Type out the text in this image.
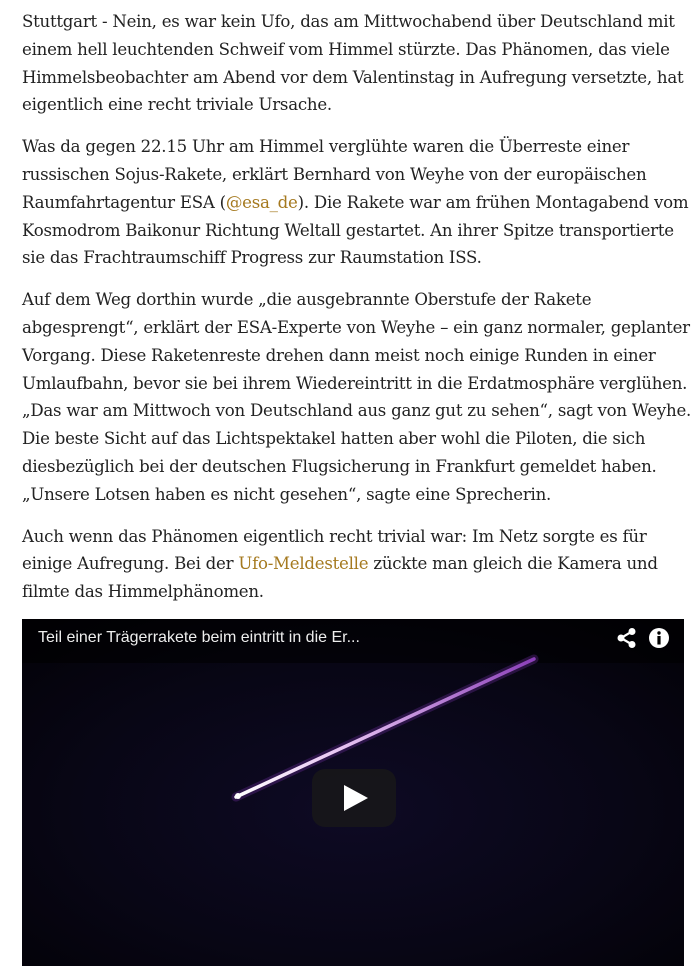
Stuttgart - Nein, es war kein Ufo, das am Mittwochabend über Deutschland mit einem hell leuchtenden Schweif vom Himmel stürzte. Das Phänomen, das viele Himmelsbeobachter am Abend vor dem Valentinstag in Aufregung versetzte, hat eigentlich eine recht triviale Ursache.

Was da gegen 22.15 Uhr am Himmel verglühte waren die Überreste einer russischen Sojus-Rakete, erklärt Bernhard von Weyhe von der europäischen Raumfahrtagentur ESA (@esa_de). Die Rakete war am frühen Montagabend vom Kosmodrom Baikonur Richtung Weltall gestartet. An ihrer Spitze transportierte sie das Frachtraumschiff Progress zur Raumstation ISS.

Auf dem Weg dorthin wurde „die ausgebrannte Oberstufe der Rakete abgesprengt“, erklärt der ESA-Experte von Weyhe – ein ganz normaler, geplanter Vorgang. Diese Raketenreste drehen dann meist noch einige Runden in einer Umlaufbahn, bevor sie bei ihrem Wiedereintritt in die Erdatmosphäre verglühen. „Das war am Mittwoch von Deutschland aus ganz gut zu sehen“, sagt von Weyhe. Die beste Sicht auf das Lichtspektakel hatten aber wohl die Piloten, die sich diesbezüglich bei der deutschen Flugsicherung in Frankfurt gemeldet haben. „Unsere Lotsen haben es nicht gesehen“, sagte eine Sprecherin.

Auch wenn das Phänomen eigentlich recht trivial war: Im Netz sorgte es für einige Aufregung. Bei der Ufo-Meldestelle zückte man gleich die Kamera und filmte das Himmelphänomen.

Teil einer Trägerrakete beim eintritt in die Er...
